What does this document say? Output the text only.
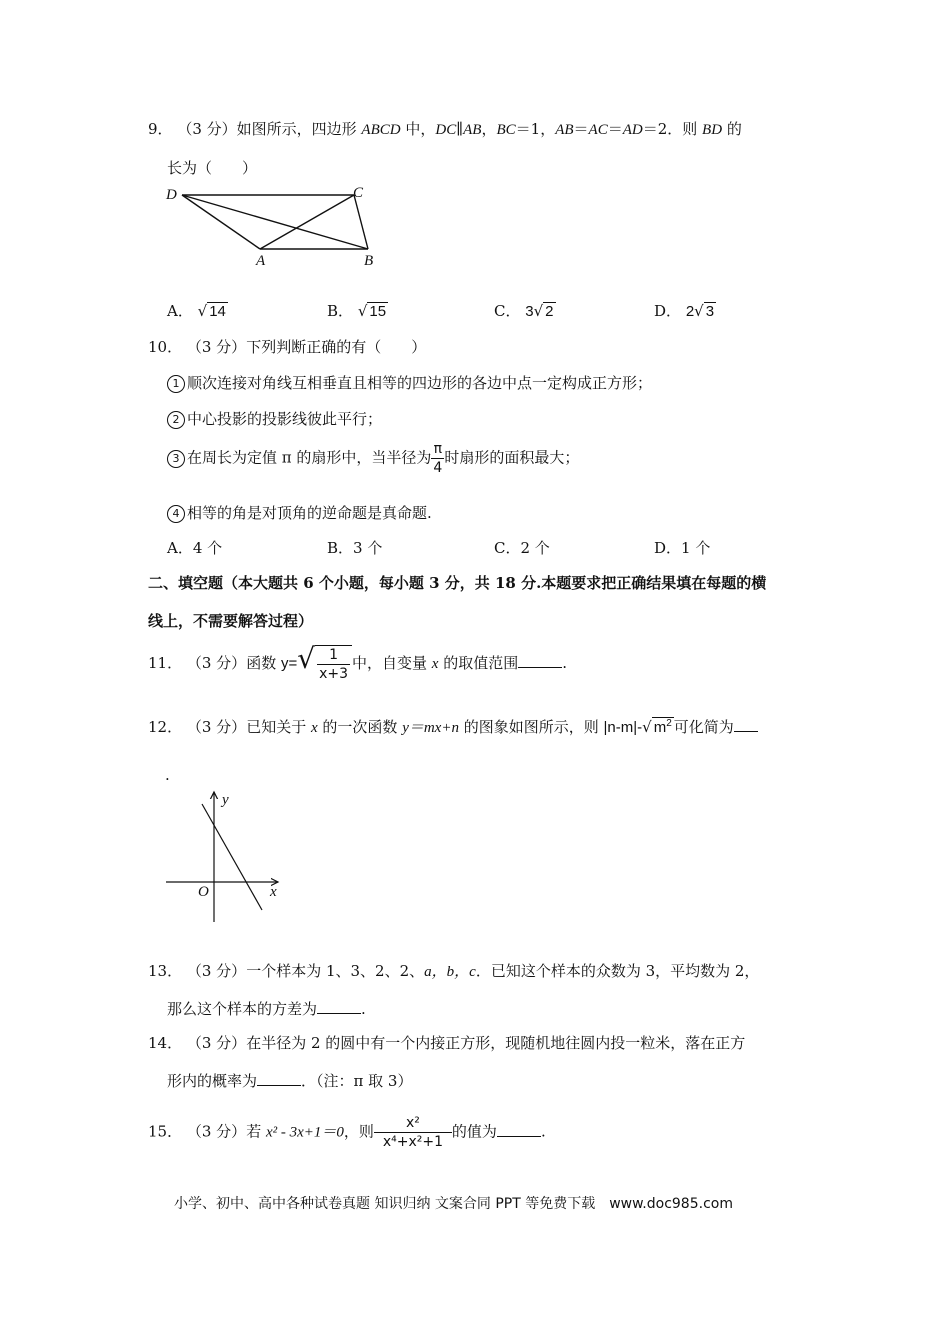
9． （3 分）如图所示，四边形 ABCD 中，DC∥AB，BC＝1，AB＝AC＝AD＝2．则 BD 的
长为（　　）
D	C
A	B
A． √ 14	B． √ 15	C． 3√ 2	D． 2√ 3
10． （3 分）下列判断正确的有（　　）
1 顺次连接对角线互相垂直且相等的四边形的各边中点一定构成正方形；
2 中心投影的投影线彼此平行；
3 在周长为定值 π 的扇形中，当半径为 $\frac{\pi}{4}$ 时扇形的面积最大；
4 相等的角是对顶角的逆命题是真命题.
A．4 个	B．3 个	C．2 个	D．1 个
二、填空题（本大题共 6 个小题，每小题 3 分，共 18 分.本题要求把正确结果填在每题的横
线上，不需要解答过程）
11． （3 分）函数 $y=√ \frac{1}{x+3}$ 中，自变量 x 的取值范围	.
12． （3 分）已知关于 x 的一次函数 y＝mx+n 的图象如图所示，则 |n-m|-√ $m^2$ 可化简为
.
y
O	x
13． （3 分）一个样本为 1、3、2、2、a，b，c．已知这个样本的众数为 3，平均数为 2，
那么这个样本的方差为	.
14． （3 分）在半径为 2 的圆中有一个内接正方形，现随机地往圆内投一粒米，落在正方
形内的概率为	．（注：π 取 3）
15． （3 分）若 x² - 3x+1＝0，则 $\frac{\text{x²}}{\text{x⁴+x²+1}}$ 的值为	.
小学、初中、高中各种试卷真题 知识归纳 文案合同 PPT 等免费下载　www.doc985.com
